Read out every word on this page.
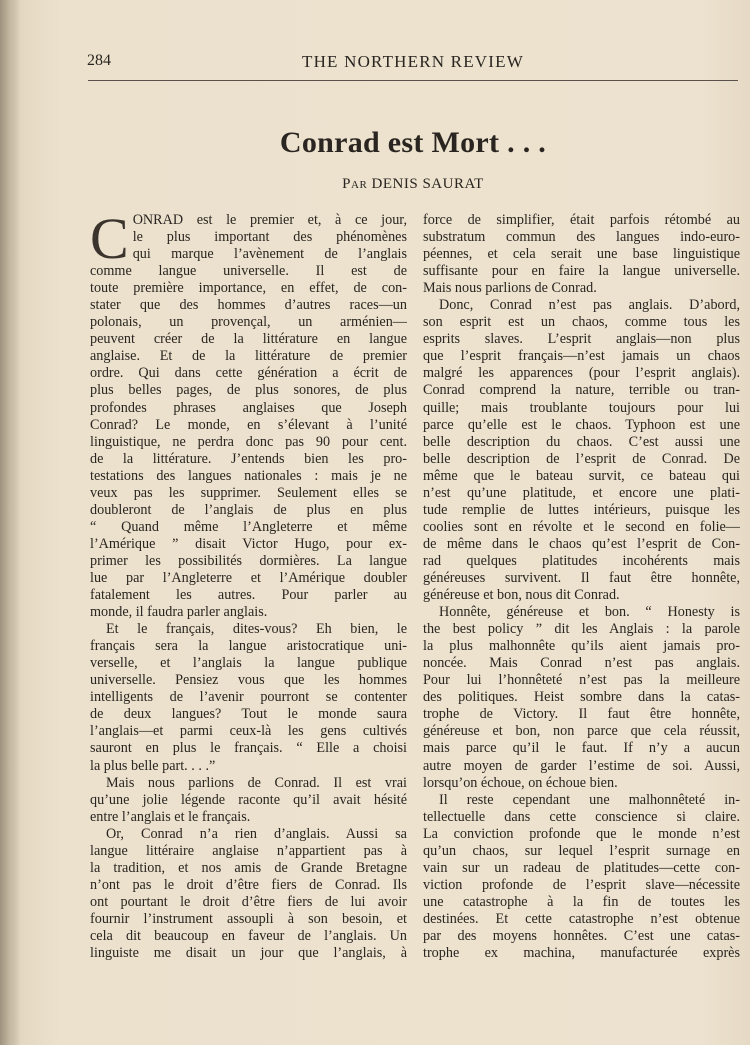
284	THE NORTHERN REVIEW
Conrad est Mort . . .
Par DENIS SAURAT
C ONRAD est le premier et, à ce jour,
le plus important des phénomènes
qui marque l’avènement de l’anglais
comme langue universelle. Il est de
toute première importance, en effet, de con-
stater que des hommes d’autres races—un
polonais, un provençal, un arménien—
peuvent créer de la littérature en langue
anglaise. Et de la littérature de premier
ordre. Qui dans cette génération a écrit de
plus belles pages, de plus sonores, de plus
profondes phrases anglaises que Joseph
Conrad? Le monde, en s’élevant à l’unité
linguistique, ne perdra donc pas 90 pour cent.
de la littérature. J’entends bien les pro-
testations des langues nationales : mais je ne
veux pas les supprimer. Seulement elles se
doubleront de l’anglais de plus en plus
“ Quand même l’Angleterre et même
l’Amérique ” disait Victor Hugo, pour ex-
primer les possibilités dormières. La langue
lue par l’Angleterre et l’Amérique doubler
fatalement les autres. Pour parler au
monde, il faudra parler anglais.
Et le français, dites-vous? Eh bien, le
français sera la langue aristocratique uni-
verselle, et l’anglais la langue publique
universelle. Pensiez vous que les hommes
intelligents de l’avenir pourront se contenter
de deux langues? Tout le monde saura
l’anglais—et parmi ceux-là les gens cultivés
sauront en plus le français. “ Elle a choisi
la plus belle part. . . .”
Mais nous parlions de Conrad. Il est vrai
qu’une jolie légende raconte qu’il avait hésité
entre l’anglais et le français.
Or, Conrad n’a rien d’anglais. Aussi sa
langue littéraire anglaise n’appartient pas à
la tradition, et nos amis de Grande Bretagne
n’ont pas le droit d’être fiers de Conrad. Ils
ont pourtant le droit d’être fiers de lui avoir
fournir l’instrument assoupli à son besoin, et
cela dit beaucoup en faveur de l’anglais. Un
linguiste me disait un jour que l’anglais, à
force de simplifier, était parfois rétombé au
substratum commun des langues indo-euro-
péennes, et cela serait une base linguistique
suffisante pour en faire la langue universelle.
Mais nous parlions de Conrad.
Donc, Conrad n’est pas anglais. D’abord,
son esprit est un chaos, comme tous les
esprits slaves. L’esprit anglais—non plus
que l’esprit français—n’est jamais un chaos
malgré les apparences (pour l’esprit anglais).
Conrad comprend la nature, terrible ou tran-
quille; mais troublante toujours pour lui
parce qu’elle est le chaos. Typhoon est une
belle description du chaos. C’est aussi une
belle description de l’esprit de Conrad. De
même que le bateau survit, ce bateau qui
n’est qu’une platitude, et encore une plati-
tude remplie de luttes intérieurs, puisque les
coolies sont en révolte et le second en folie—
de même dans le chaos qu’est l’esprit de Con-
rad quelques platitudes incohérents mais
généreuses survivent. Il faut être honnête,
généreuse et bon, nous dit Conrad.
Honnête, généreuse et bon. “ Honesty is
the best policy ” dit les Anglais : la parole
la plus malhonnête qu’ils aient jamais pro-
noncée. Mais Conrad n’est pas anglais.
Pour lui l’honnêteté n’est pas la meilleure
des politiques. Heist sombre dans la catas-
trophe de Victory. Il faut être honnête,
généreuse et bon, non parce que cela réussit,
mais parce qu’il le faut. If n’y a aucun
autre moyen de garder l’estime de soi. Aussi,
lorsqu’on échoue, on échoue bien.
Il reste cependant une malhonnêteté in-
tellectuelle dans cette conscience si claire.
La conviction profonde que le monde n’est
qu’un chaos, sur lequel l’esprit surnage en
vain sur un radeau de platitudes—cette con-
viction profonde de l’esprit slave—nécessite
une catastrophe à la fin de toutes les
destinées. Et cette catastrophe n’est obtenue
par des moyens honnêtes. C’est une catas-
trophe ex machina, manufacturée exprès
